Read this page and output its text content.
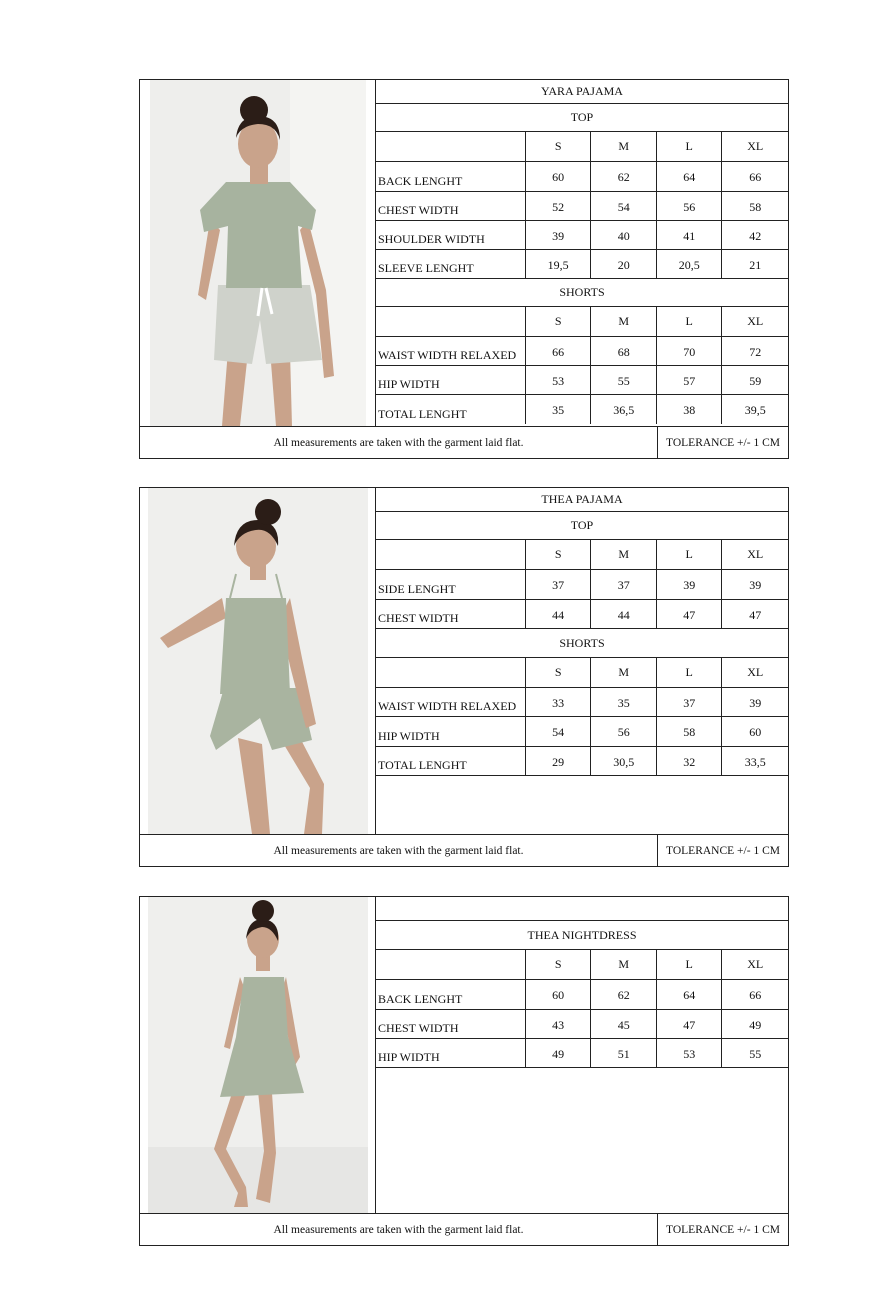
YARA PAJAMA
TOP
S	M	L	XL
BACK LENGHT	60	62	64	66
CHEST WIDTH	52	54	56	58
SHOULDER WIDTH	39	40	41	42
SLEEVE LENGHT	19,5	20	20,5	21
SHORTS
S	M	L	XL
WAIST WIDTH RELAXED	66	68	70	72
HIP WIDTH	53	55	57	59
TOTAL LENGHT	35	36,5	38	39,5
All measurements are taken with the garment laid flat.	TOLERANCE +/- 1 CM
THEA PAJAMA
TOP
S	M	L	XL
SIDE LENGHT	37	37	39	39
CHEST WIDTH	44	44	47	47
SHORTS
S	M	L	XL
WAIST WIDTH RELAXED	33	35	37	39
HIP WIDTH	54	56	58	60
TOTAL LENGHT	29	30,5	32	33,5
All measurements are taken with the garment laid flat.	TOLERANCE +/- 1 CM
THEA NIGHTDRESS
S	M	L	XL
BACK LENGHT	60	62	64	66
CHEST WIDTH	43	45	47	49
HIP WIDTH	49	51	53	55
All measurements are taken with the garment laid flat.	TOLERANCE +/- 1 CM
